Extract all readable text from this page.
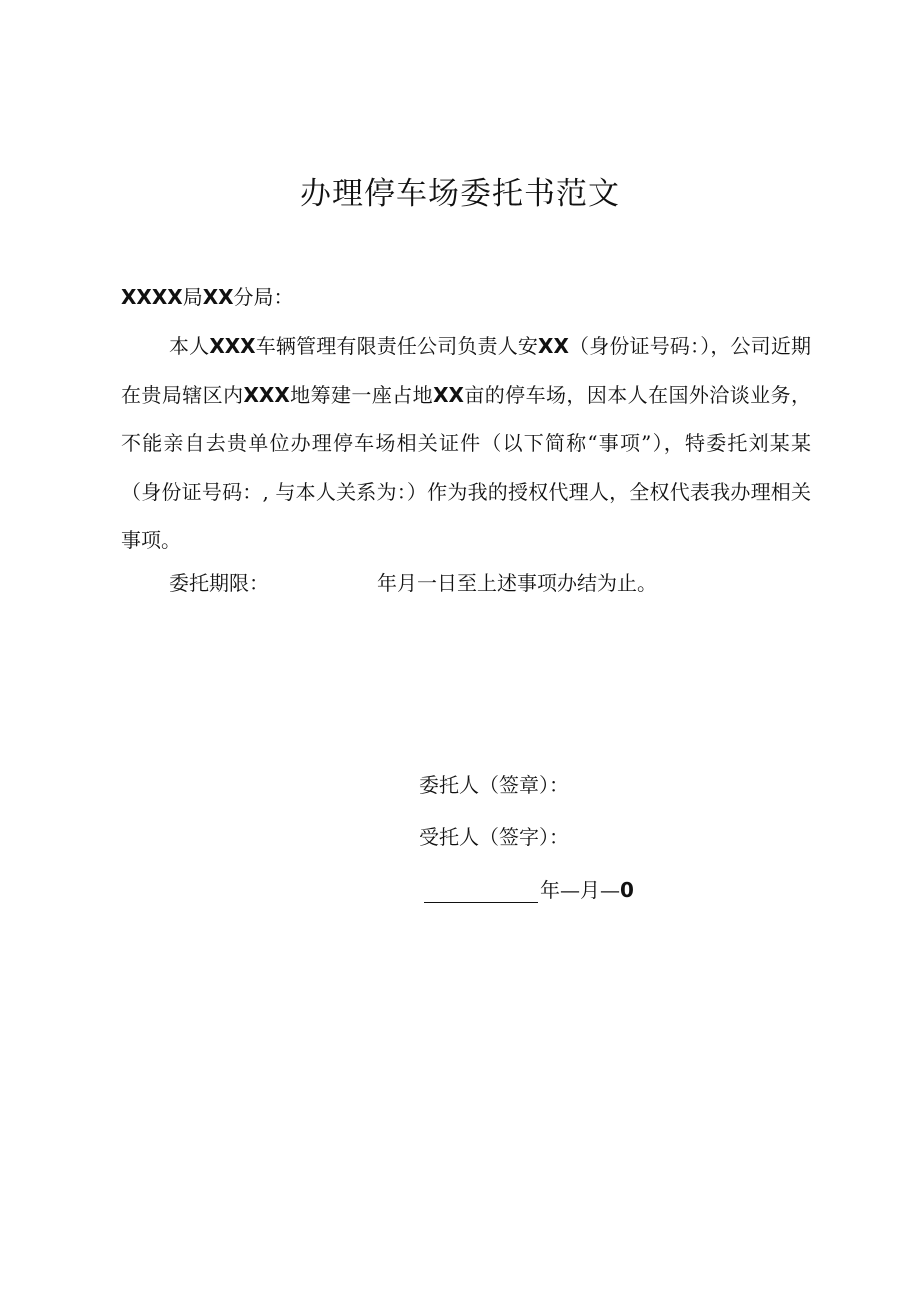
办理停车场委托书范文
XXXX局XX分局：

本人XXX车辆管理有限责任公司负责人安XX（身份证号码：），公司近期在贵局辖区内XXX地筹建一座占地XX亩的停车场，因本人在国外洽谈业务，不能亲自去贵单位办理停车场相关证件（以下简称“事项”），特委托刘某某（身份证号码：, 与本人关系为：）作为我的授权代理人，全权代表我办理相关事项。

委托期限：	年月一日至上述事项办结为止。
委托人（签章）：
受托人（签字）：
年—月—0
